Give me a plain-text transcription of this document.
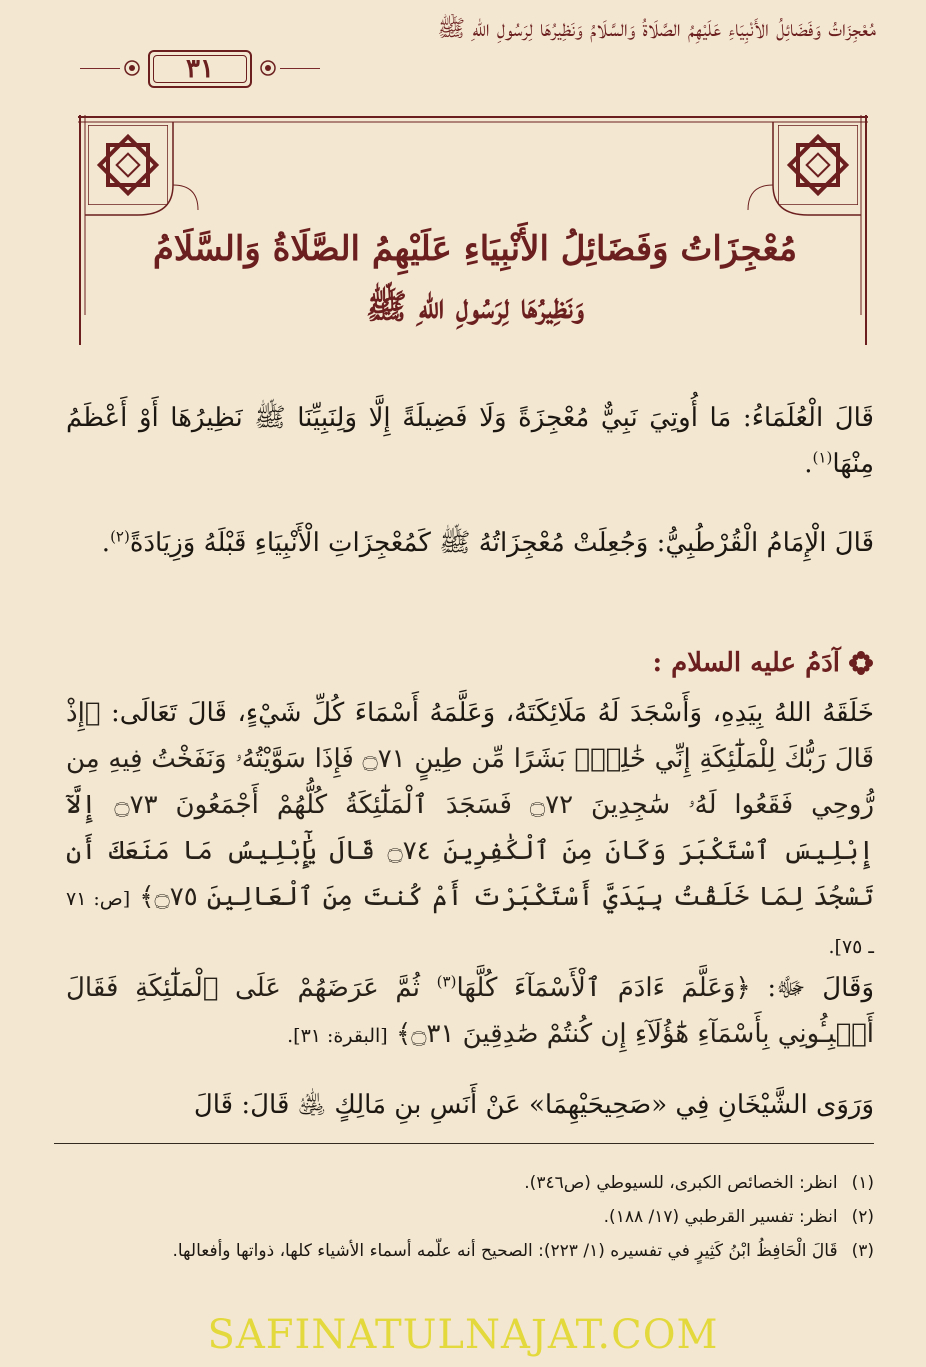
مُعْجِزَاتُ وَفَضَائِلُ الأَنْبِيَاءِ عَلَيْهِمُ الصَّلَاةُ وَالسَّلَامُ وَنَظِيرُهَا لِرَسُولِ اللهِ ﷺ
٣١
مُعْجِزَاتُ وَفَضَائِلُ الأَنْبِيَاءِ عَلَيْهِمُ الصَّلَاةُ وَالسَّلَامُ
وَنَظِيرُهَا لِرَسُولِ اللهِ ﷺ
قَالَ الْعُلَمَاءُ: مَا أُوتِيَ نَبِيٌّ مُعْجِزَةً وَلَا فَضِيلَةً إِلَّا وَلِنَبِيِّنَا ﷺ نَظِيرُهَا أَوْ أَعْظَمُ مِنْهَا$^{(١)}$.
قَالَ الْإِمَامُ الْقُرْطُبِيُّ: وَجُعِلَتْ مُعْجِزَاتُهُ ﷺ كَمُعْجِزَاتِ الْأَنْبِيَاءِ قَبْلَهُ وَزِيَادَةً$^{(٢)}$.
آدَمُ عليه السلام :
خَلَقَهُ اللهُ بِيَدِهِ، وَأَسْجَدَ لَهُ مَلَائِكَتَهُ، وَعَلَّمَهُ أَسْمَاءَ كُلِّ شَيْءٍ، قَالَ تَعَالَى: ﴿إِذْ قَالَ رَبُّكَ لِلْمَلَٰٓئِكَةِ إِنِّي خَٰلِقٌۢ بَشَرًا مِّن طِينٍ ۝٧١ فَإِذَا سَوَّيْتُهُۥ وَنَفَخْتُ فِيهِ مِن رُّوحِي فَقَعُوا لَهُۥ سَٰجِدِينَ ۝٧٢ فَسَجَدَ ٱلْمَلَٰٓئِكَةُ كُلُّهُمْ أَجْمَعُونَ ۝٧٣ إِلَّآ إِبْلِيسَ ٱسْتَكْبَرَ وَكَانَ مِنَ ٱلْكَٰفِرِينَ ۝٧٤ قَالَ يَٰٓإِبْلِيسُ مَا مَنَعَكَ أَن تَسْجُدَ لِمَا خَلَقْتُ بِيَدَيَّ أَسْتَكْبَرْتَ أَمْ كُنتَ مِنَ ٱلْعَالِينَ ۝٧٥﴾ [ص: ٧١ ـ ٧٥].
وَقَالَ ﷻ: ﴿وَعَلَّمَ ءَادَمَ ٱلْأَسْمَآءَ كُلَّهَا$^{(٣)}$ ثُمَّ عَرَضَهُمْ عَلَى ٱلْمَلَٰٓئِكَةِ فَقَالَ أَنۢبِـُٔونِي بِأَسْمَآءِ هَٰٓؤُلَآءِ إِن كُنتُمْ صَٰدِقِينَ ۝٣١﴾ [البقرة: ٣١].
وَرَوَى الشَّيْخَانِ فِي «صَحِيحَيْهِمَا» عَنْ أَنَسِ بنِ مَالِكٍ ﵁ قَالَ: قَالَ
(١)انظر: الخصائص الكبرى، للسيوطي (ص٣٤٦).
(٢)انظر: تفسير القرطبي (١٧/ ١٨٨).
(٣)قَالَ الْحَافِظُ ابْنُ كَثِيرٍ في تفسيره (١/ ٢٢٣): الصحيح أنه علّمه أسماء الأشياء كلها، ذواتها وأفعالها.
SAFINATULNAJAT.COM
